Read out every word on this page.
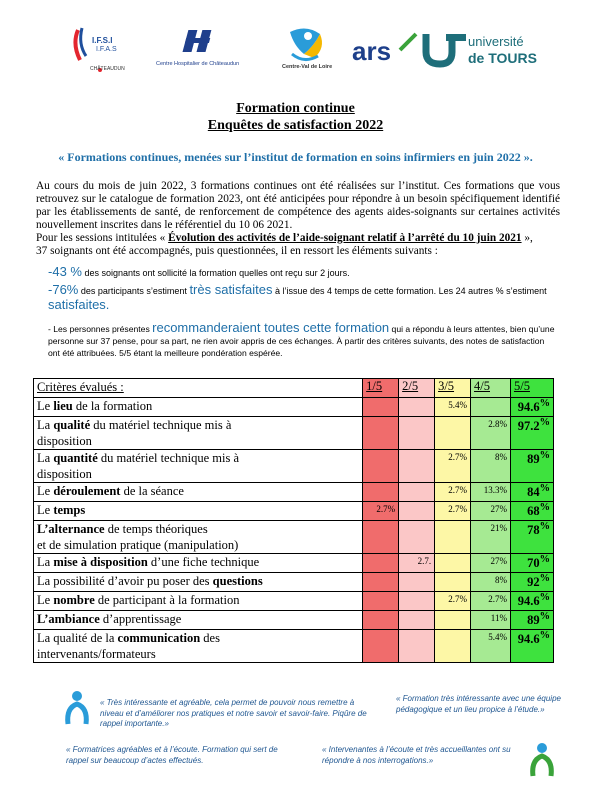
I.F.S.I
I.F.A.S
CHÂTEAUDUN
Centre Hospitalier de Châteaudun	Centre-Val de Loire
ars	université
de TOURS
Formation continue
Enquêtes de satisfaction 2022
« Formations continues, menées sur l’institut de formation en soins infirmiers en juin 2022 ».
Au cours du mois de juin 2022, 3 formations continues ont été réalisées sur l’institut. Ces formations que vous retrouvez sur le catalogue de formation 2023, ont été anticipées pour répondre à un besoin spécifiquement identifié par les établissements de santé, de renforcement de compétence des agents aides-soignants sur certaines activités nouvellement inscrites dans le référentiel du 10 06 2021.
Pour les sessions intitulées « Évolution des activités de l’aide-soignant relatif à l’arrêté du 10 juin 2021 »,
37 soignants ont été accompagnés, puis questionnées, il en ressort les éléments suivants :
-43 % des soignants ont sollicité la formation quelles ont reçu sur 2 jours.
-76% des participants s’estiment très satisfaites à l’issue des 4 temps de cette formation. Les 24 autres % s’estiment satisfaites.
- Les personnes présentes recommanderaient toutes cette formation qui a répondu à leurs attentes, bien qu’une personne sur 37 pense, pour sa part, ne rien avoir appris de ces échanges. À partir des critères suivants, des notes de satisfaction ont été attribuées. 5/5 étant la meilleure pondération espérée.
Critères évalués :	1/5	2/5	3/5	4/5	5/5

Le lieu de la formation			5.4%		94.6%

La qualité du matériel technique mis à
disposition				2.8%	97.2%

La quantité du matériel technique mis à
disposition			2.7%	8%	89%

Le déroulement de la séance			2.7%	13.3%	84%

Le temps	2.7%		2.7%	27%	68%

L’alternance de temps théoriques
et de simulation pratique (manipulation)				21%	78%

La mise à disposition d’une fiche technique		2.7.		27%	70%

La possibilité d’avoir pu poser des questions				8%	92%

Le nombre de participant à la formation			2.7%	2.7%	94.6%

L’ambiance d’apprentissage				11%	89%

La qualité de la communication des
intervenants/formateurs				5.4%	94.6%
« Très intéressante et agréable, cela permet de pouvoir nous remettre à niveau et d’améliorer nos pratiques et notre savoir et savoir-faire. Piqûre de rappel importante.»
« Formation très intéressante avec une équipe pédagogique et un lieu propice à l’étude.»
« Formatrices agréables et à l’écoute. Formation qui sert de rappel sur beaucoup d’actes effectués.
« Intervenantes à l’écoute et très accueillantes ont su répondre à nos interrogations.»
